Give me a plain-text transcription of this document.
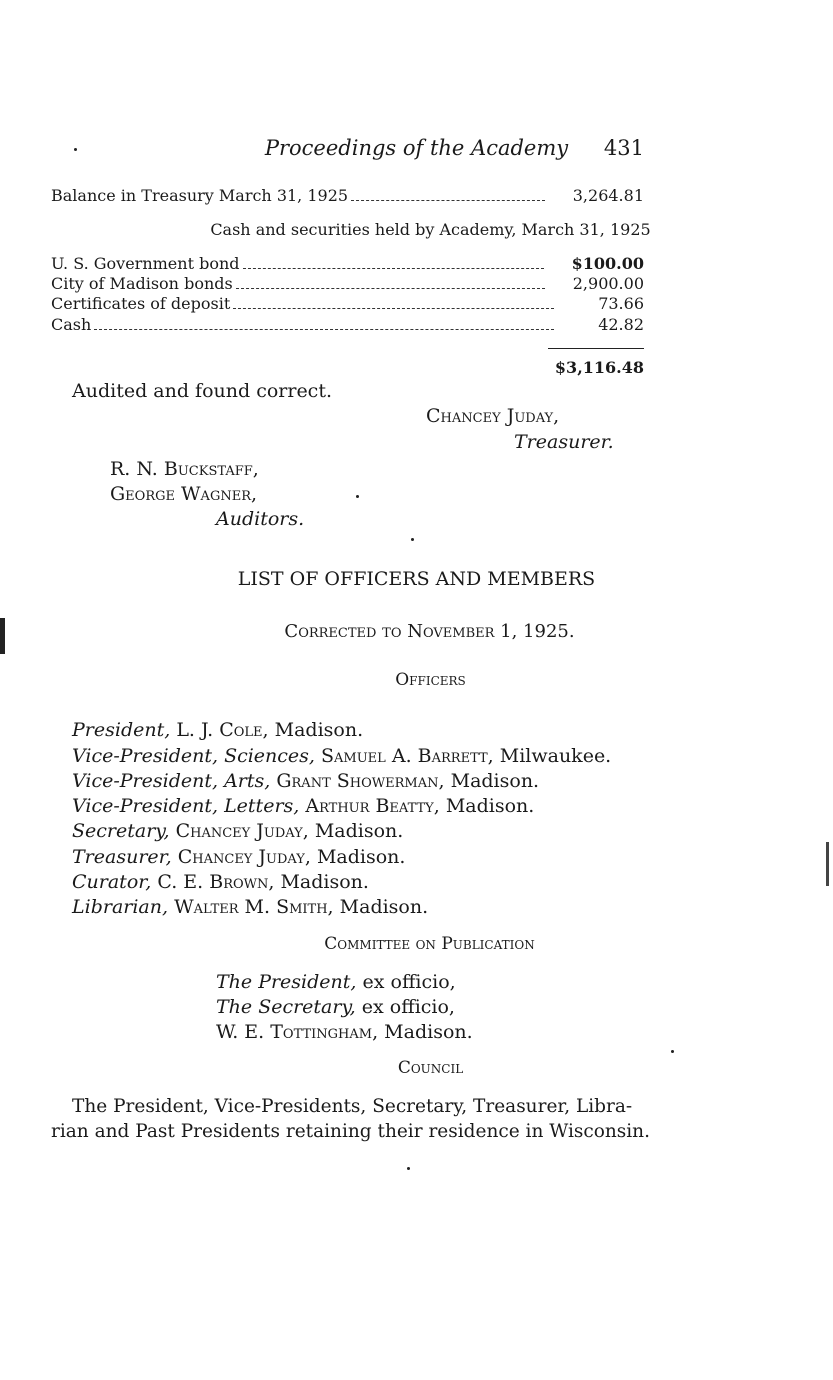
Proceedings of the Academy	431
Balance in Treasury March 31, 1925	3,264.81
Cash and securities held by Academy, March 31, 1925
U. S. Government bond	$100.00
City of Madison bonds	2,900.00
Certificates of deposit	73.66
Cash	42.82
$3,116.48
Audited and found correct.
Chancey Juday,
Treasurer.
R. N. Buckstaff,
George Wagner,
Auditors.
LIST OF OFFICERS AND MEMBERS
Corrected to November 1, 1925.
Officers
President, L. J. Cole, Madison.
Vice-President, Sciences, Samuel A. Barrett, Milwaukee.
Vice-President, Arts, Grant Showerman, Madison.
Vice-President, Letters, Arthur Beatty, Madison.
Secretary, Chancey Juday, Madison.
Treasurer, Chancey Juday, Madison.
Curator, C. E. Brown, Madison.
Librarian, Walter M. Smith, Madison.
Committee on Publication
The President, ex officio,
The Secretary, ex officio,
W. E. Tottingham, Madison.
Council
The President, Vice-Presidents, Secretary, Treasurer, Libra-
rian and Past Presidents retaining their residence in Wisconsin.
